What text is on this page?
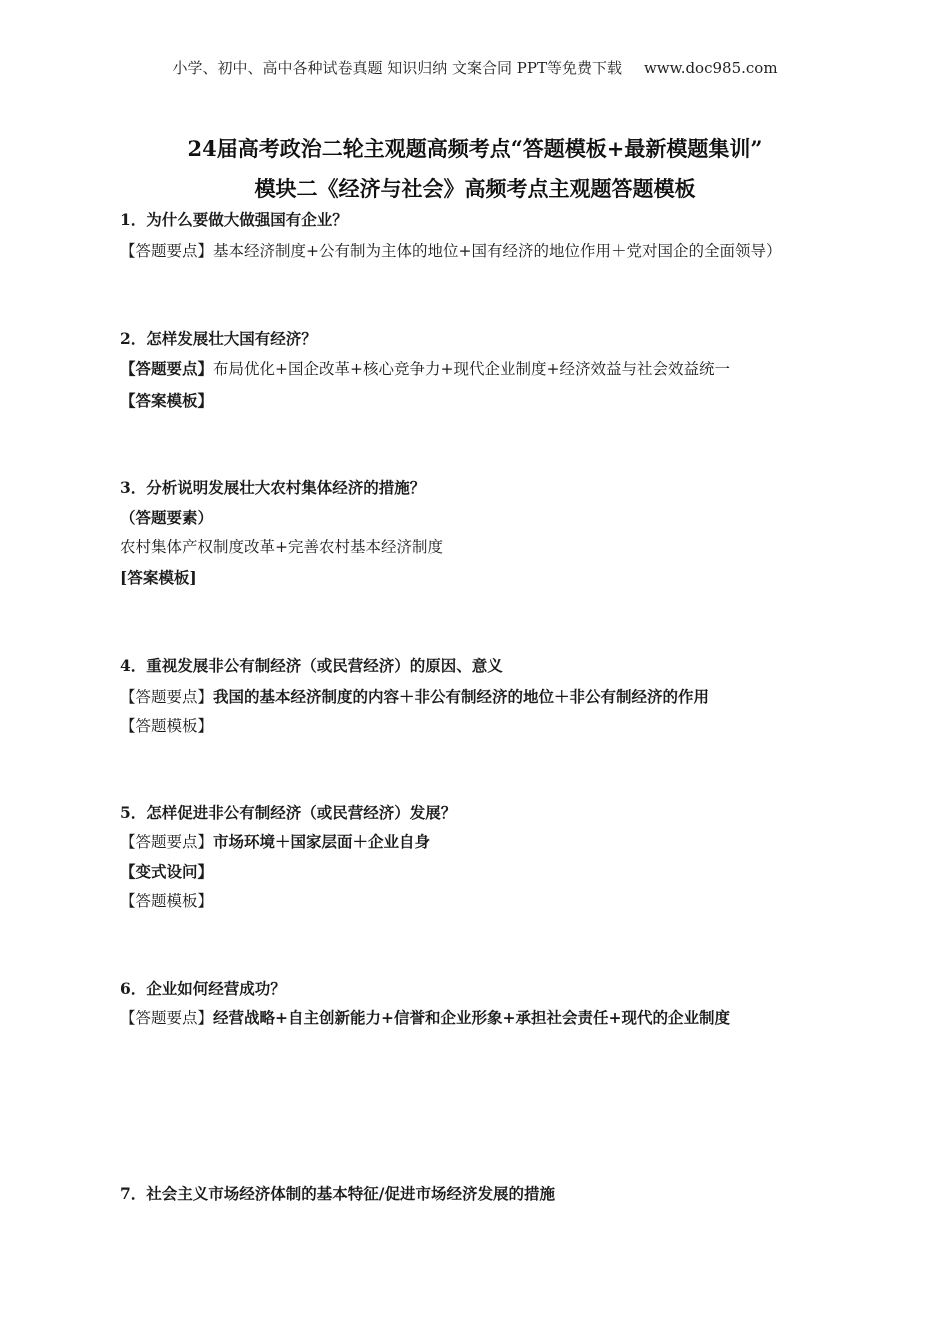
小学、初中、高中各种试卷真题 知识归纳 文案合同 PPT等免费下载 www.doc985.com
24届高考政治二轮主观题高频考点“答题模板+最新模题集训”
模块二《经济与社会》高频考点主观题答题模板
1．为什么要做大做强国有企业？
【答题要点】基本经济制度+公有制为主体的地位+国有经济的地位作用＋党对国企的全面领导）
2．怎样发展壮大国有经济？
【答题要点】布局优化+国企改革+核心竞争力+现代企业制度+经济效益与社会效益统一
【答案模板】
3．分析说明发展壮大农村集体经济的措施？
（答题要素）
农村集体产权制度改革+完善农村基本经济制度
[答案模板]
4．重视发展非公有制经济（或民营经济）的原因、意义
【答题要点】我国的基本经济制度的内容＋非公有制经济的地位＋非公有制经济的作用
【答题模板】
5．怎样促进非公有制经济（或民营经济）发展？
【答题要点】市场环境＋国家层面＋企业自身
【变式设问】
【答题模板】
6．企业如何经营成功？
【答题要点】经营战略+自主创新能力+信誉和企业形象+承担社会责任+现代的企业制度
7．社会主义市场经济体制的基本特征/促进市场经济发展的措施
